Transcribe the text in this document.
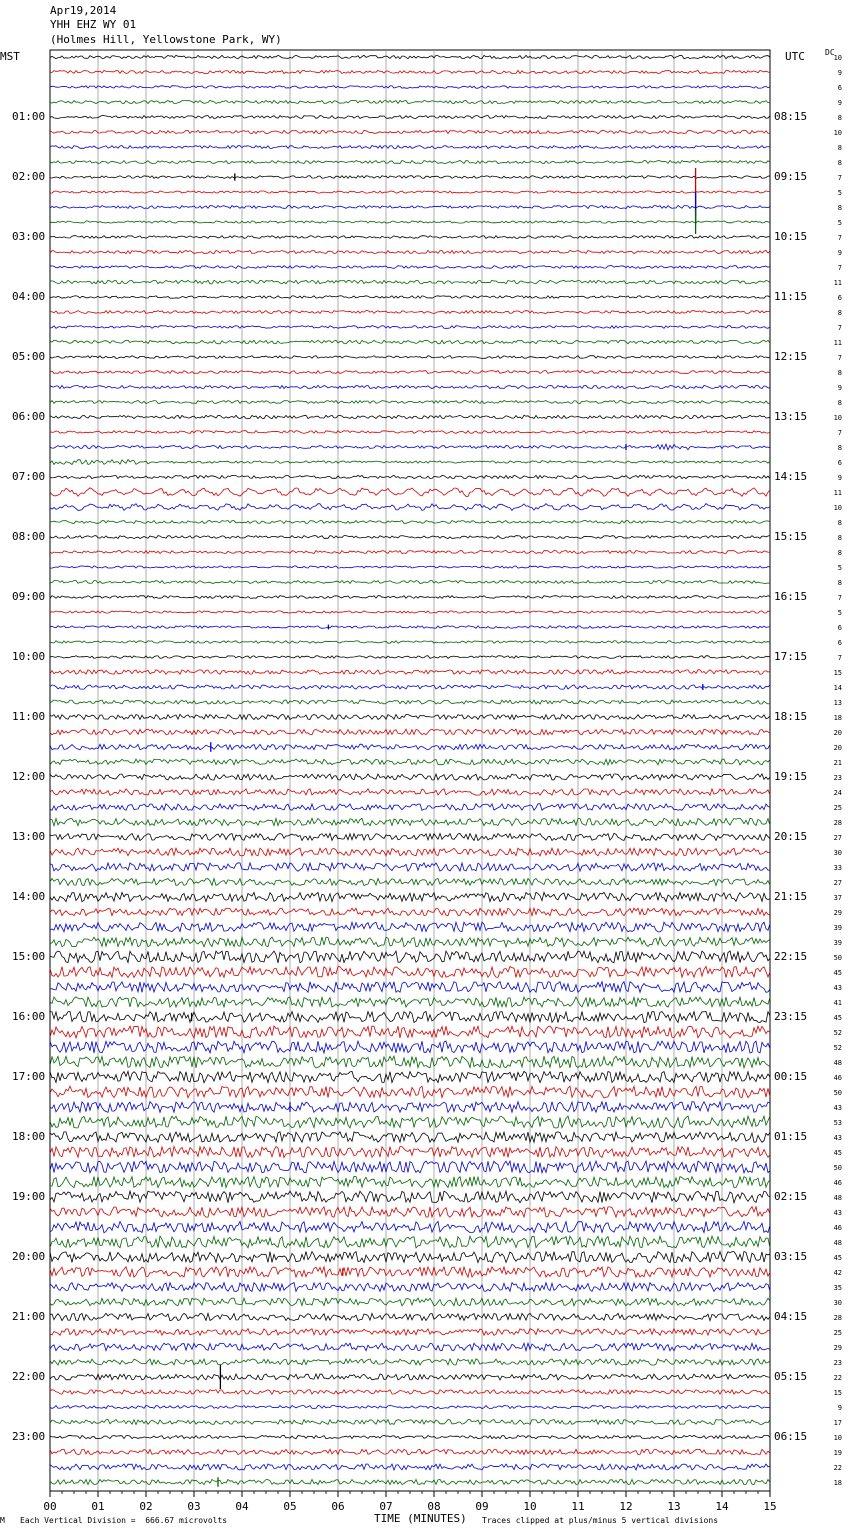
Apr19,2014
YHH EHZ WY 01
(Holmes Hill, Yellowstone Park, WY)
MST	UTC	DC
00	01	02	03	04	05	06	07	08	09	10	11	12	13	14	15
10
9
6
9
8
10
8
8
7
5
8
5
7
9
7
11
6
8
7
11
7
8
9
8
10
7
8
6
9
11
10
8
8
8
5
8
7
5
6
6
7
15
14
13
18
20
20
21
23
24
25
28
27
30
33
27
37
29
39
39
50
45
43
41
45
52
52
48
46
50
43
53
43
45
50
46
48
43
46
48
45
42
35
30
28
25
29
23
22
15
9
17
10
19
22
18
01:00
02:00
03:00
04:00
05:00
06:00
07:00
08:00
09:00
10:00
11:00
12:00
13:00
14:00
15:00
16:00
17:00
18:00
19:00
20:00
21:00
22:00
23:00
08:15
09:15
10:15
11:15
12:15
13:15
14:15
15:15
16:15
17:15
18:15
19:15
20:15
21:15
22:15
23:15
00:15
01:15
02:15
03:15
04:15
05:15
06:15
M Each Vertical Division =  666.67 microvolts	TIME (MINUTES) Traces clipped at plus/minus 5 vertical divisions
